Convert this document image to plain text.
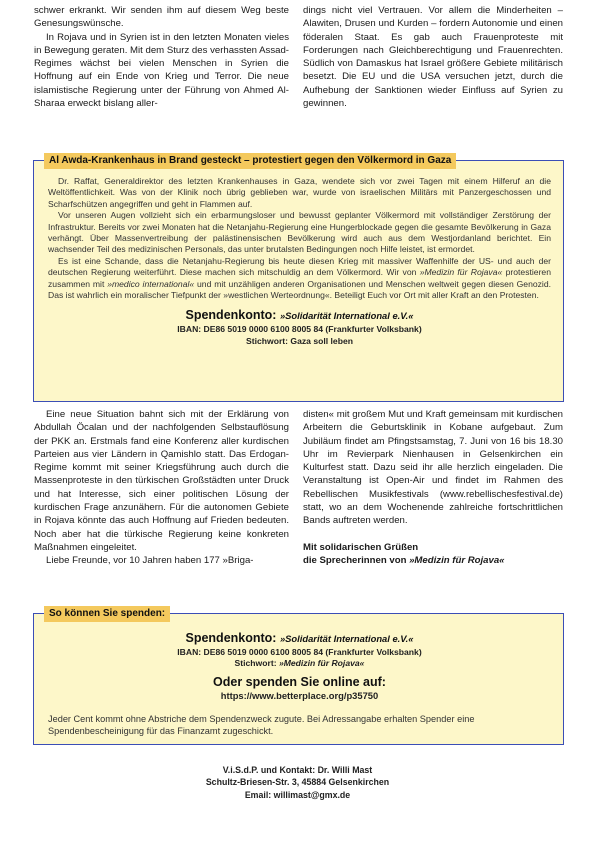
schwer erkrankt. Wir senden ihm auf diesem Weg beste Genesungswünsche.

In Rojava und in Syrien ist in den letzten Monaten vieles in Bewegung geraten. Mit dem Sturz des verhassten Assad-Regimes wächst bei vielen Menschen in Syrien die Hoffnung auf ein Ende von Krieg und Terror. Die neue islamistische Regierung unter der Führung von Ahmed Al-Sharaa erweckt bislang aller-

dings nicht viel Vertrauen. Vor allem die Minderheiten – Alawiten, Drusen und Kurden – fordern Autonomie und einen föderalen Staat. Es gab auch Frauenproteste mit Forderungen nach Gleichberechtigung und Frauenrechten. Südlich von Damaskus hat Israel größere Gebiete militärisch besetzt. Die EU und die USA versuchen jetzt, durch die Aufhebung der Sanktionen wieder Einfluss auf Syrien zu gewinnen.

Al Awda-Krankenhaus in Brand gesteckt – protestiert gegen den Völkermord in Gaza

Dr. Raffat, Generaldirektor des letzten Krankenhauses in Gaza, wendete sich vor zwei Tagen mit einem Hilferuf an die Weltöffentlichkeit. Was von der Klinik noch übrig geblieben war, wurde von israelischen Militärs mit Panzergeschossen und Scharfschützen angegriffen und geht in Flammen auf.

Vor unseren Augen vollzieht sich ein erbarmungsloser und bewusst geplanter Völkermord mit vollständiger Zerstörung der Infrastruktur. Bereits vor zwei Monaten hat die Netanjahu-Regierung eine Hungerblockade gegen die gesamte Bevölkerung in Gaza verhängt. Über Massenvertreibung der palästinensischen Bevölkerung wird auch aus dem Westjordanland berichtet. Ein wachsender Teil des medizinischen Personals, das unter brutalsten Bedingungen noch Hilfe leistet, ist ermordet.

Es ist eine Schande, dass die Netanjahu-Regierung bis heute diesen Krieg mit massiver Waffenhilfe der US- und auch der deutschen Regierung weiterführt. Diese machen sich mitschuldig an dem Völkermord. Wir von »Medizin für Rojava« protestieren zusammen mit »medico international« und mit unzähligen anderen Organisationen und Menschen weltweit gegen diesen Genozid. Das ist wahrlich ein moralischer Tiefpunkt der »westlichen Werteordnung«. Beteiligt Euch vor Ort mit aller Kraft an den Protesten.

Spendenkonto: »Solidarität International e.V.«
IBAN: DE86 5019 0000 6100 8005 84 (Frankfurter Volksbank)
Stichwort: Gaza soll leben

Eine neue Situation bahnt sich mit der Erklärung von Abdullah Öcalan und der nachfolgenden Selbstauflösung der PKK an. Erstmals fand eine Konferenz aller kurdischen Parteien aus vier Ländern in Qamishlo statt. Das Erdogan-Regime kommt mit seiner Kriegsführung auch durch die Massenproteste in den türkischen Großstädten unter Druck und hat Interesse, sich einer politischen Lösung der kurdischen Frage anzunähern. Für die autonomen Gebiete in Rojava könnte das auch Hoffnung auf Frieden bedeuten. Noch aber hat die türkische Regierung keine konkreten Maßnahmen eingeleitet.

Liebe Freunde, vor 10 Jahren haben 177 »Briga-

disten« mit großem Mut und Kraft gemeinsam mit kurdischen Arbeitern die Geburtsklinik in Kobane aufgebaut. Zum Jubiläum findet am Pfingstsamstag, 7. Juni von 16 bis 18.30 Uhr im Revierpark Nienhausen in Gelsenkirchen ein Kulturfest statt. Dazu seid ihr alle herzlich eingeladen. Die Veranstaltung ist Open-Air und findet im Rahmen des Rebellischen Musikfestivals (www.rebellischesfestival.de) statt, wo an dem Wochenende zahlreiche fortschrittlichen Bands auftreten werden.

Mit solidarischen Grüßen

die Sprecherinnen von »Medizin für Rojava«

So können Sie spenden:
Spendenkonto: »Solidarität International e.V.«
IBAN: DE86 5019 0000 6100 8005 84 (Frankfurter Volksbank)
Stichwort: »Medizin für Rojava«
Oder spenden Sie online auf:
https://www.betterplace.org/p35750
Jeder Cent kommt ohne Abstriche dem Spendenzweck zugute. Bei Adressangabe erhalten Spender eine Spendenbescheinigung für das Finanzamt zugeschickt.
V.i.S.d.P. und Kontakt: Dr. Willi Mast
Schultz-Briesen-Str. 3, 45884 Gelsenkirchen
Email: willimast@gmx.de
